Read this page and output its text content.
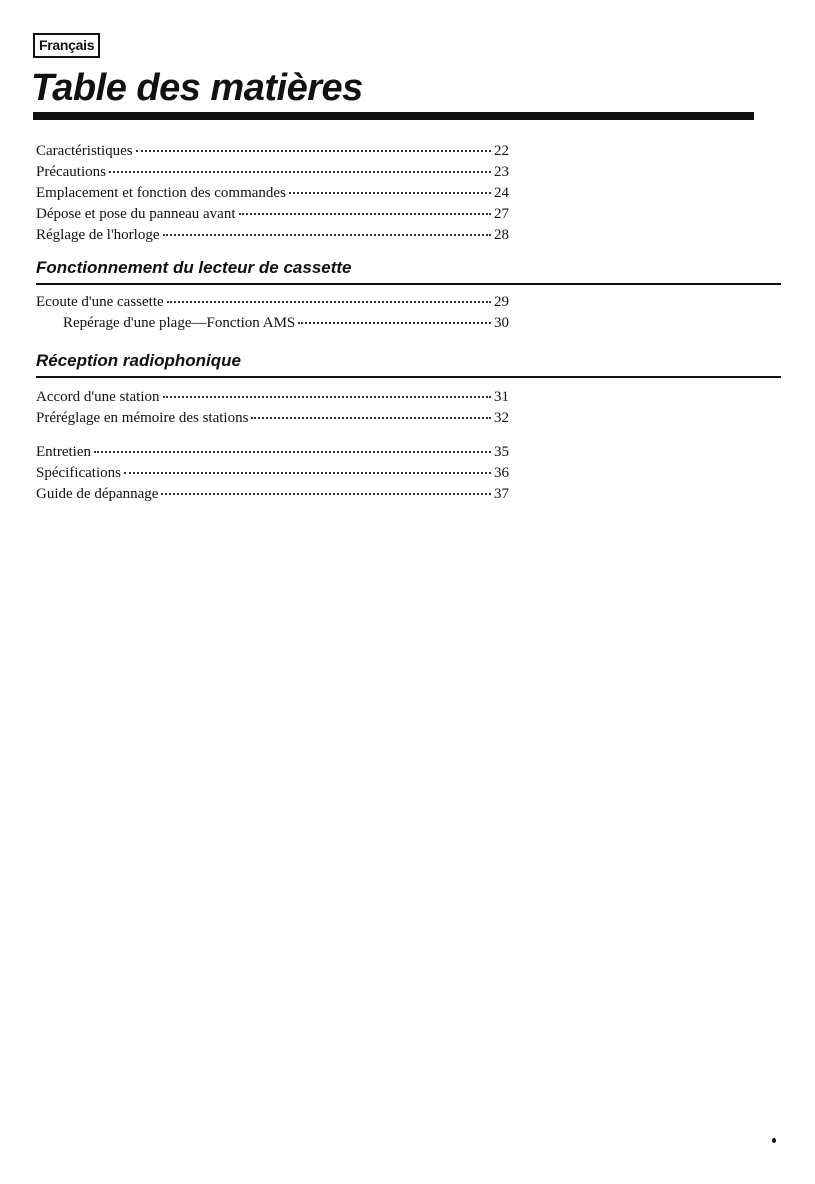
Français
Table des matières
Caractéristiques	22
Précautions	23
Emplacement et fonction des commandes	24
Dépose et pose du panneau avant	27
Réglage de l'horloge	28
Fonctionnement du lecteur de cassette
Ecoute d'une cassette	29
Repérage d'une plage—Fonction AMS	30
Réception radiophonique
Accord d'une station	31
Préréglage en mémoire des stations	32
Entretien	35
Spécifications	36
Guide de dépannage	37
